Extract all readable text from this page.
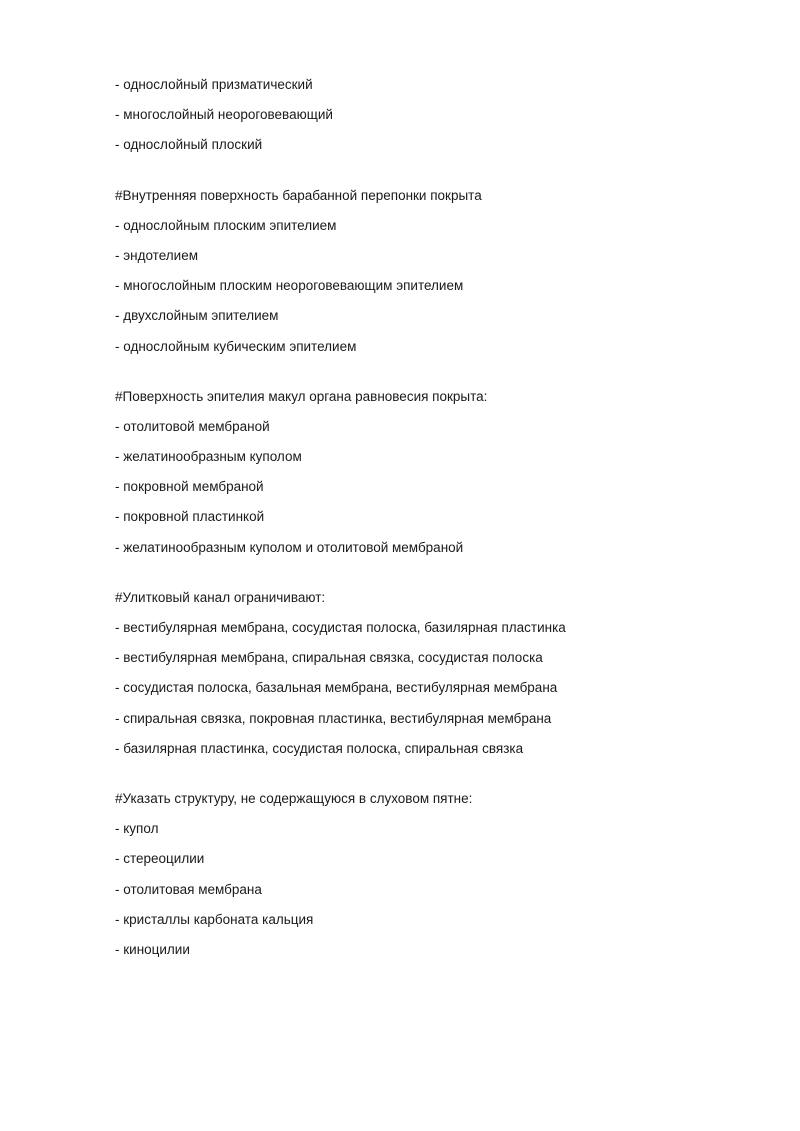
- однослойный призматический
- многослойный неороговевающий
- однослойный плоский
#Внутренняя поверхность барабанной перепонки покрыта
- однослойным плоским эпителием
- эндотелием
- многослойным плоским неороговевающим эпителием
- двухслойным эпителием
- однослойным кубическим эпителием
#Поверхность эпителия макул органа равновесия покрыта:
- отолитовой мембраной
- желатинообразным куполом
- покровной мембраной
- покровной пластинкой
- желатинообразным куполом и отолитовой мембраной
#Улитковый канал ограничивают:
- вестибулярная мембрана, сосудистая полоска, базилярная пластинка
- вестибулярная мембрана, спиральная связка, сосудистая полоска
- сосудистая полоска, базальная мембрана, вестибулярная мембрана
- спиральная связка, покровная пластинка, вестибулярная мембрана
- базилярная пластинка, сосудистая полоска, спиральная связка
#Указать структуру, не содержащуюся в слуховом пятне:
- купол
- стереоцилии
- отолитовая мембрана
- кристаллы карбоната кальция
- киноцилии
